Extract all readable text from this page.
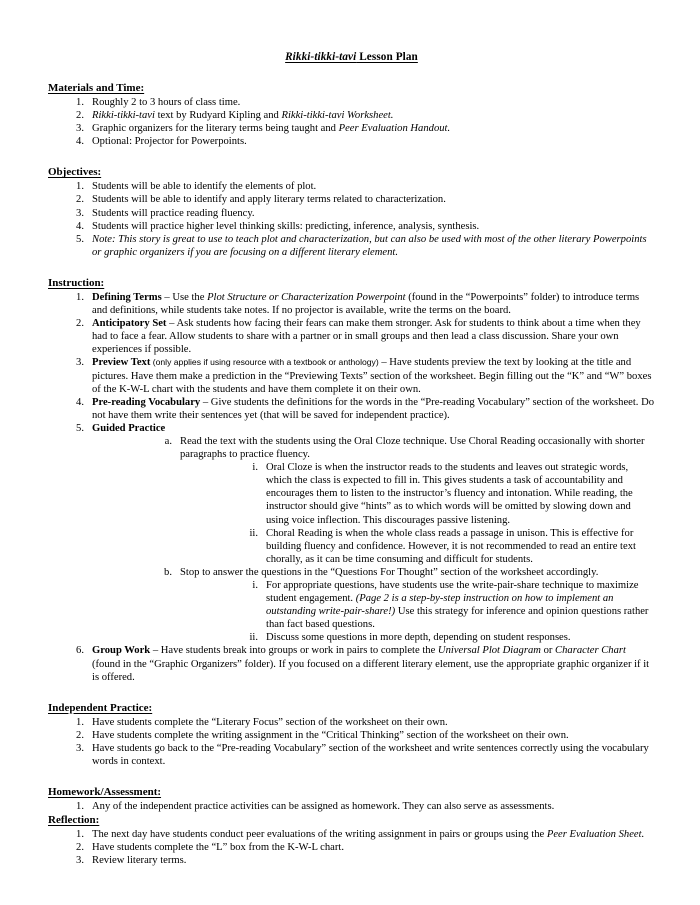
Rikki-tikki-tavi Lesson Plan
Materials and Time:
1. Roughly 2 to 3 hours of class time.
2. Rikki-tikki-tavi text by Rudyard Kipling and Rikki-tikki-tavi Worksheet.
3. Graphic organizers for the literary terms being taught and Peer Evaluation Handout.
4. Optional: Projector for Powerpoints.
Objectives:
1. Students will be able to identify the elements of plot.
2. Students will be able to identify and apply literary terms related to characterization.
3. Students will practice reading fluency.
4. Students will practice higher level thinking skills: predicting, inference, analysis, synthesis.
5. Note: This story is great to use to teach plot and characterization, but can also be used with most of the other literary Powerpoints or graphic organizers if you are focusing on a different literary element.
Instruction:
1. Defining Terms – Use the Plot Structure or Characterization Powerpoint (found in the “Powerpoints” folder) to introduce terms and definitions, while students take notes. If no projector is available, write the terms on the board.
2. Anticipatory Set – Ask students how facing their fears can make them stronger. Ask for students to think about a time when they had to face a fear. Allow students to share with a partner or in small groups and then lead a class discussion. Share your own experiences if possible.
3. Preview Text (only applies if using resource with a textbook or anthology) – Have students preview the text by looking at the title and pictures. Have them make a prediction in the “Previewing Texts” section of the worksheet. Begin filling out the “K” and “W” boxes of the K-W-L chart with the students and have them complete it on their own.
4. Pre-reading Vocabulary – Give students the definitions for the words in the “Pre-reading Vocabulary” section of the worksheet. Do not have them write their sentences yet (that will be saved for independent practice).
5. Guided Practice
a. Read the text with the students using the Oral Cloze technique. Use Choral Reading occasionally with shorter paragraphs to practice fluency.
i. Oral Cloze is when the instructor reads to the students and leaves out strategic words, which the class is expected to fill in. This gives students a task of accountability and encourages them to listen to the instructor’s fluency and intonation. While reading, the instructor should give “hints” as to which words will be omitted by slowing down and using voice inflection. This discourages passive listening.
ii. Choral Reading is when the whole class reads a passage in unison. This is effective for building fluency and confidence. However, it is not recommended to read an entire text chorally, as it can be time consuming and difficult for students.
b. Stop to answer the questions in the “Questions For Thought” section of the worksheet accordingly.
i. For appropriate questions, have students use the write-pair-share technique to maximize student engagement. (Page 2 is a step-by-step instruction on how to implement an outstanding write-pair-share!) Use this strategy for inference and opinion questions rather than fact based questions.
ii. Discuss some questions in more depth, depending on student responses.
6. Group Work – Have students break into groups or work in pairs to complete the Universal Plot Diagram or Character Chart (found in the “Graphic Organizers” folder). If you focused on a different literary element, use the appropriate graphic organizer if it is offered.
Independent Practice:
1. Have students complete the “Literary Focus” section of the worksheet on their own.
2. Have students complete the writing assignment in the “Critical Thinking” section of the worksheet on their own.
3. Have students go back to the “Pre-reading Vocabulary” section of the worksheet and write sentences correctly using the vocabulary words in context.
Homework/Assessment:
1. Any of the independent practice activities can be assigned as homework. They can also serve as assessments.
Reflection:
1. The next day have students conduct peer evaluations of the writing assignment in pairs or groups using the Peer Evaluation Sheet.
2. Have students complete the “L” box from the K-W-L chart.
3. Review literary terms.
